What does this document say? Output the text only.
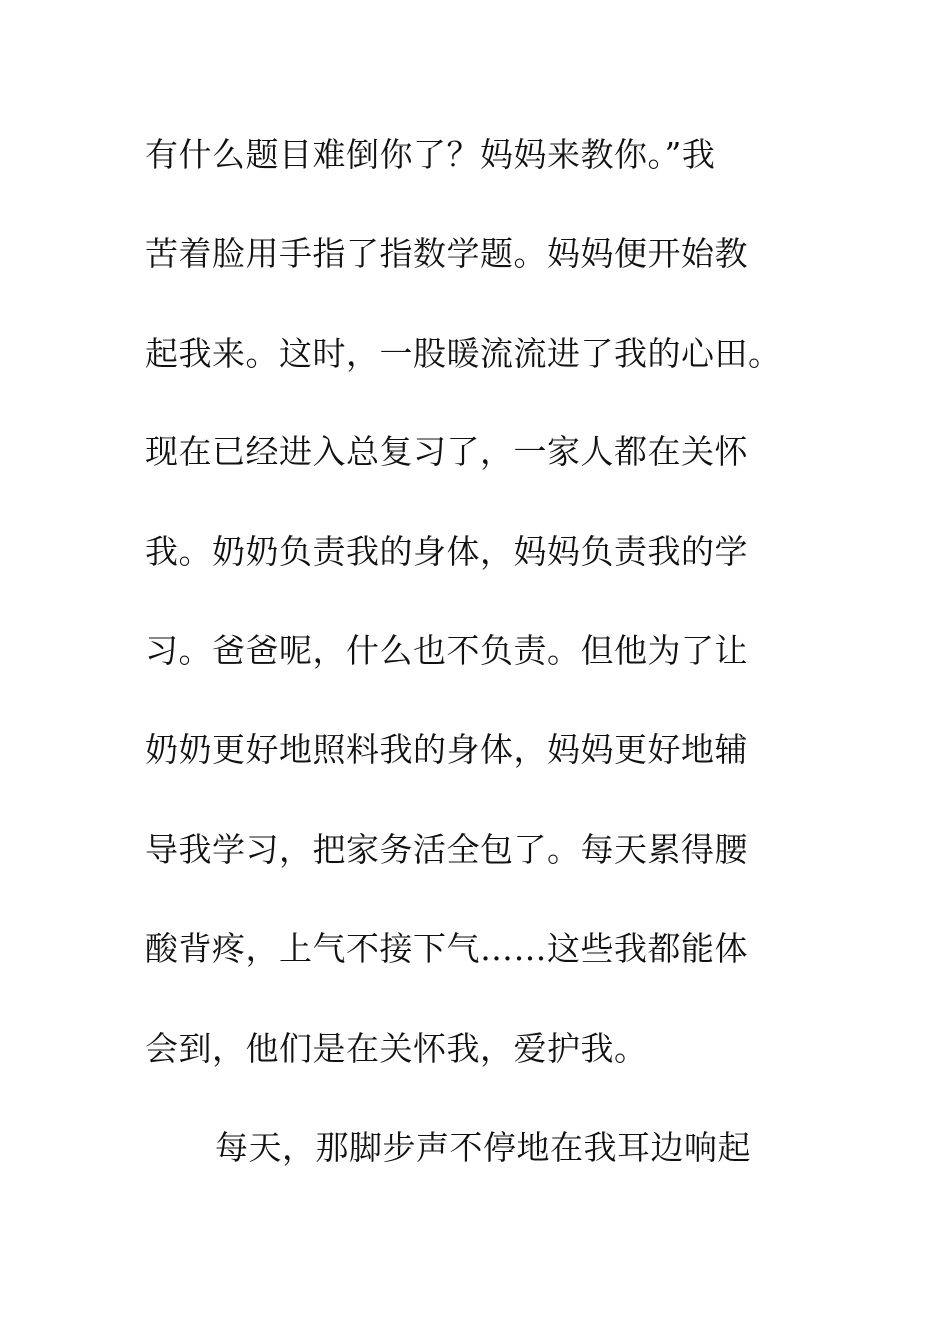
有什么题目难倒你了？妈妈来教你。”我
苦着脸用手指了指数学题。妈妈便开始教
起我来。这时，一股暖流流进了我的心田。
现在已经进入总复习了，一家人都在关怀
我。奶奶负责我的身体，妈妈负责我的学
习。爸爸呢，什么也不负责。但他为了让
奶奶更好地照料我的身体，妈妈更好地辅
导我学习，把家务活全包了。每天累得腰
酸背疼，上气不接下气……这些我都能体
会到，他们是在关怀我，爱护我。
每天，那脚步声不停地在我耳边响起
